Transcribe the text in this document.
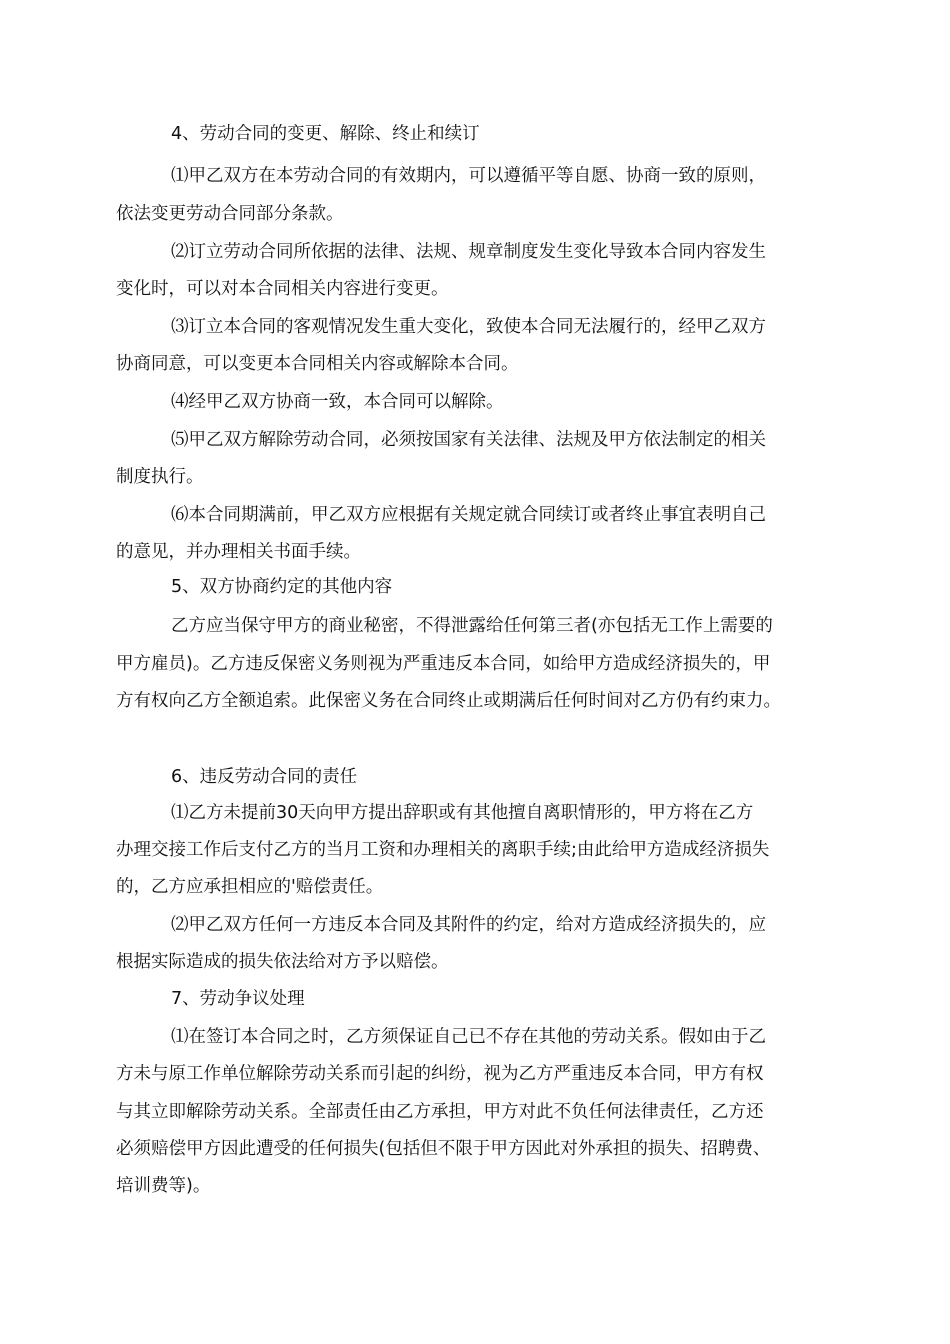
4、劳动合同的变更、解除、终止和续订
⑴甲乙双方在本劳动合同的有效期内，可以遵循平等自愿、协商一致的原则，
依法变更劳动合同部分条款。
⑵订立劳动合同所依据的法律、法规、规章制度发生变化导致本合同内容发生
变化时，可以对本合同相关内容进行变更。
⑶订立本合同的客观情况发生重大变化，致使本合同无法履行的，经甲乙双方
协商同意，可以变更本合同相关内容或解除本合同。
⑷经甲乙双方协商一致，本合同可以解除。
⑸甲乙双方解除劳动合同，必须按国家有关法律、法规及甲方依法制定的相关
制度执行。
⑹本合同期满前，甲乙双方应根据有关规定就合同续订或者终止事宜表明自己
的意见，并办理相关书面手续。
5、双方协商约定的其他内容
乙方应当保守甲方的商业秘密，不得泄露给任何第三者(亦包括无工作上需要的
甲方雇员)。乙方违反保密义务则视为严重违反本合同，如给甲方造成经济损失的，甲
方有权向乙方全额追索。此保密义务在合同终止或期满后任何时间对乙方仍有约束力。
6、违反劳动合同的责任
⑴乙方未提前30天向甲方提出辞职或有其他擅自离职情形的，甲方将在乙方
办理交接工作后支付乙方的当月工资和办理相关的离职手续;由此给甲方造成经济损失
的，乙方应承担相应的'赔偿责任。
⑵甲乙双方任何一方违反本合同及其附件的约定，给对方造成经济损失的，应
根据实际造成的损失依法给对方予以赔偿。
7、劳动争议处理
⑴在签订本合同之时，乙方须保证自己已不存在其他的劳动关系。假如由于乙
方未与原工作单位解除劳动关系而引起的纠纷，视为乙方严重违反本合同，甲方有权
与其立即解除劳动关系。全部责任由乙方承担，甲方对此不负任何法律责任，乙方还
必须赔偿甲方因此遭受的任何损失(包括但不限于甲方因此对外承担的损失、招聘费、
培训费等)。
